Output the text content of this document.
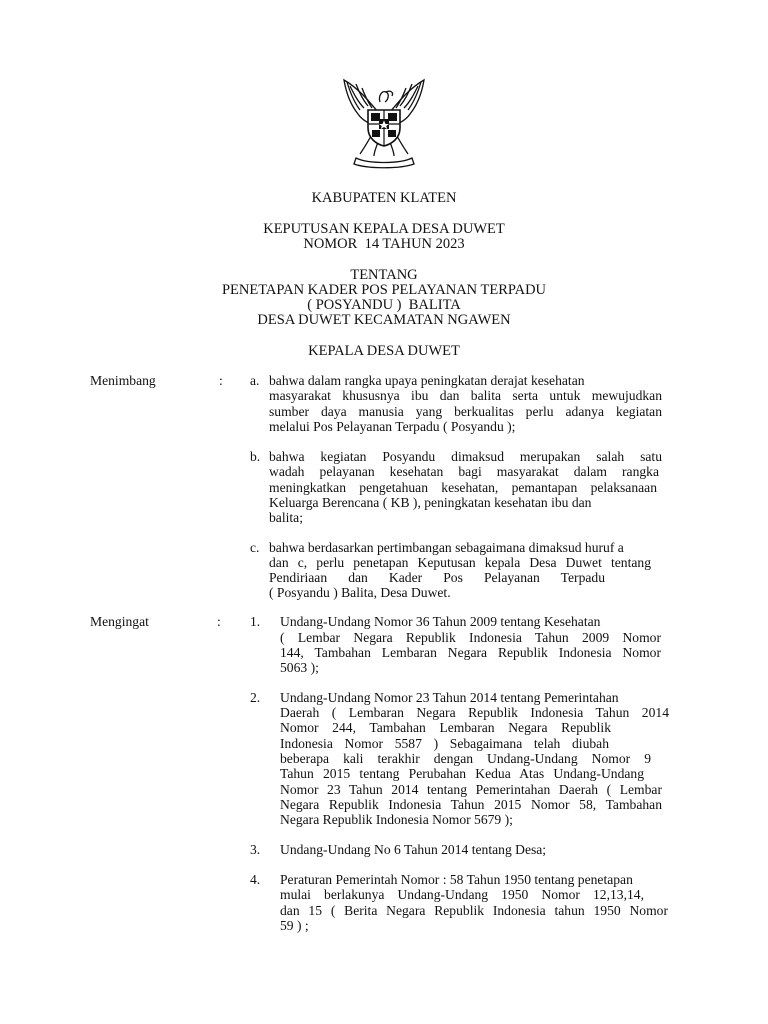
KABUPATEN KLATEN
KEPUTUSAN KEPALA DESA DUWET
NOMOR  14 TAHUN 2023
TENTANG
PENETAPAN KADER POS PELAYANAN TERPADU
( POSYANDU )  BALITA
DESA DUWET KECAMATAN NGAWEN
KEPALA DESA DUWET
Menimbang	: a. bahwa dalam rangka upaya peningkatan derajat kesehatan
masyarakat khususnya ibu dan balita serta untuk mewujudkan
sumber daya manusia yang berkualitas perlu adanya kegiatan
melalui Pos Pelayanan Terpadu ( Posyandu );
b. bahwa kegiatan Posyandu dimaksud merupakan salah satu
wadah pelayanan kesehatan bagi masyarakat dalam rangka
meningkatkan pengetahuan kesehatan, pemantapan pelaksanaan
Keluarga Berencana ( KB ), peningkatan kesehatan ibu dan
balita;
c. bahwa berdasarkan pertimbangan sebagaimana dimaksud huruf a
dan c, perlu penetapan Keputusan kepala Desa Duwet tentang
Pendiriaan dan Kader Pos Pelayanan Terpadu
( Posyandu ) Balita, Desa Duwet.
Mengingat	: 1. Undang-Undang Nomor 36 Tahun 2009 tentang Kesehatan
( Lembar Negara Republik Indonesia Tahun 2009 Nomor
144, Tambahan Lembaran Negara Republik Indonesia Nomor
5063 );
2. Undang-Undang Nomor 23 Tahun 2014 tentang Pemerintahan
Daerah ( Lembaran Negara Republik Indonesia Tahun 2014
Nomor 244, Tambahan Lembaran Negara Republik
Indonesia Nomor 5587 ) Sebagaimana telah diubah
beberapa kali terakhir dengan Undang-Undang Nomor 9
Tahun 2015 tentang Perubahan Kedua Atas Undang-Undang
Nomor 23 Tahun 2014 tentang Pemerintahan Daerah ( Lembar
Negara Republik Indonesia Tahun 2015 Nomor 58, Tambahan
Negara Republik Indonesia Nomor 5679 );
3. Undang-Undang No 6 Tahun 2014 tentang Desa;
4. Peraturan Pemerintah Nomor : 58 Tahun 1950 tentang penetapan
mulai berlakunya Undang-Undang 1950 Nomor 12,13,14,
dan 15 ( Berita Negara Republik Indonesia tahun 1950 Nomor
59 ) ;
